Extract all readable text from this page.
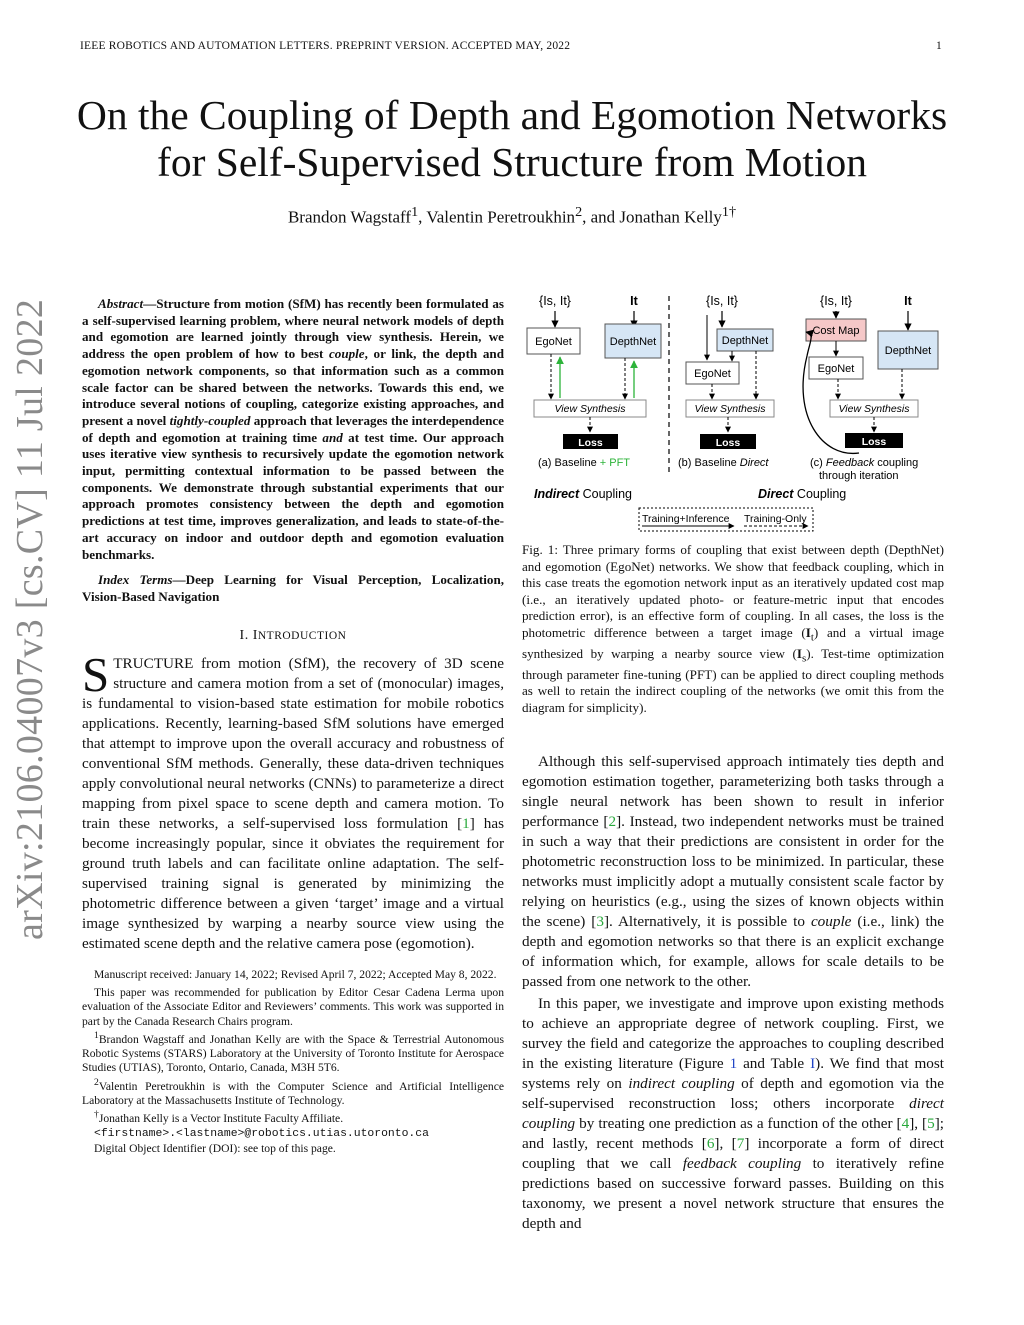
IEEE ROBOTICS AND AUTOMATION LETTERS. PREPRINT VERSION. ACCEPTED MAY, 2022	1
arXiv:2106.04007v3 [cs.CV] 11 Jul 2022
On the Coupling of Depth and Egomotion Networks
for Self-Supervised Structure from Motion
Brandon Wagstaff$^1$, Valentin Peretroukhin$^2$, and Jonathan Kelly$^{1\dagger}$

Abstract—Structure from motion (SfM) has recently been formulated as a self-supervised learning problem, where neural network models of depth and egomotion are learned jointly through view synthesis. Herein, we address the open problem of how to best couple, or link, the depth and egomotion network components, so that information such as a common scale factor can be shared between the networks. Towards this end, we introduce several notions of coupling, categorize existing approaches, and present a novel tightly-coupled approach that leverages the interdependence of depth and egomotion at training time and at test time. Our approach uses iterative view synthesis to recursively update the egomotion network input, permitting contextual information to be passed between the components. We demonstrate through substantial experiments that our approach promotes consistency between the depth and egomotion predictions at test time, improves generalization, and leads to state-of-the-art accuracy on indoor and outdoor depth and egomotion evaluation benchmarks.

Index Terms—Deep Learning for Visual Perception, Localization, Vision-Based Navigation

I. INTRODUCTION

STRUCTURE from motion (SfM), the recovery of 3D scene structure and camera motion from a set of (monocular) images, is fundamental to vision-based state estimation for mobile robotics applications. Recently, learning-based SfM solutions have emerged that attempt to improve upon the overall accuracy and robustness of conventional SfM methods. Generally, these data-driven techniques apply convolutional neural networks (CNNs) to parameterize a direct mapping from pixel space to scene depth and camera motion. To train these networks, a self-supervised loss formulation [1] has become increasingly popular, since it obviates the requirement for ground truth labels and can facilitate online adaptation. The self-supervised training signal is generated by minimizing the photometric difference between a given ‘target’ image and a virtual image synthesized by warping a nearby source view using the estimated scene depth and the relative camera pose (egomotion).

Manuscript received: January 14, 2022; Revised April 7, 2022; Accepted May 8, 2022.

This paper was recommended for publication by Editor Cesar Cadena Lerma upon evaluation of the Associate Editor and Reviewers’ comments. This work was supported in part by the Canada Research Chairs program.

$^1$Brandon Wagstaff and Jonathan Kelly are with the Space & Terrestrial Autonomous Robotic Systems (STARS) Laboratory at the University of Toronto Institute for Aerospace Studies (UTIAS), Toronto, Ontario, Canada, M3H 5T6.

$^2$Valentin Peretroukhin is with the Computer Science and Artificial Intelligence Laboratory at the Massachusetts Institute of Technology.

†Jonathan Kelly is a Vector Institute Faculty Affiliate.

<firstname>.<lastname>@robotics.utias.utoronto.ca

Digital Object Identifier (DOI): see top of this page.

{Is, It}	It
EgoNet	DepthNet
View Synthesis
Loss
(a) Baseline + PFT
{Is, It}
DepthNet
EgoNet
View Synthesis
Loss
(b) Baseline Direct
{Is, It}	It
Cost Map
EgoNet
DepthNet
View Synthesis
Loss
(c) Feedback coupling
through iteration
Indirect Coupling	Direct Coupling
Training+Inference Training-Only

Fig. 1: Three primary forms of coupling that exist between depth (DepthNet) and egomotion (EgoNet) networks. We show that feedback coupling, which in this case treats the egomotion network input as an iteratively updated cost map (i.e., an iteratively updated photo- or feature-metric input that encodes prediction error), is an effective form of coupling. In all cases, the loss is the photometric difference between a target image $(I_t)$ and a virtual image synthesized by warping a nearby source view $(I_s)$. Test-time optimization through parameter fine-tuning (PFT) can be applied to direct coupling methods as well to retain the indirect coupling of the networks (we omit this from the diagram for simplicity).

Although this self-supervised approach intimately ties depth and egomotion estimation together, parameterizing both tasks through a single neural network has been shown to result in inferior performance [2]. Instead, two independent networks must be trained in such a way that their predictions are consistent in order for the photometric reconstruction loss to be minimized. In particular, these networks must implicitly adopt a mutually consistent scale factor by relying on heuristics (e.g., using the sizes of known objects within the scene) [3]. Alternatively, it is possible to couple (i.e., link) the depth and egomotion networks so that there is an explicit exchange of information which, for example, allows for scale details to be passed from one network to the other.

In this paper, we investigate and improve upon existing methods to achieve an appropriate degree of network coupling. First, we survey the field and categorize the approaches to coupling described in the existing literature (Figure 1 and Table I). We find that most systems rely on indirect coupling of depth and egomotion via the self-supervised reconstruction loss; others incorporate direct coupling by treating one prediction as a function of the other [4], [5]; and lastly, recent methods [6], [7] incorporate a form of direct coupling that we call feedback coupling to iteratively refine predictions based on successive forward passes. Building on this taxonomy, we present a novel network structure that ensures the depth and
